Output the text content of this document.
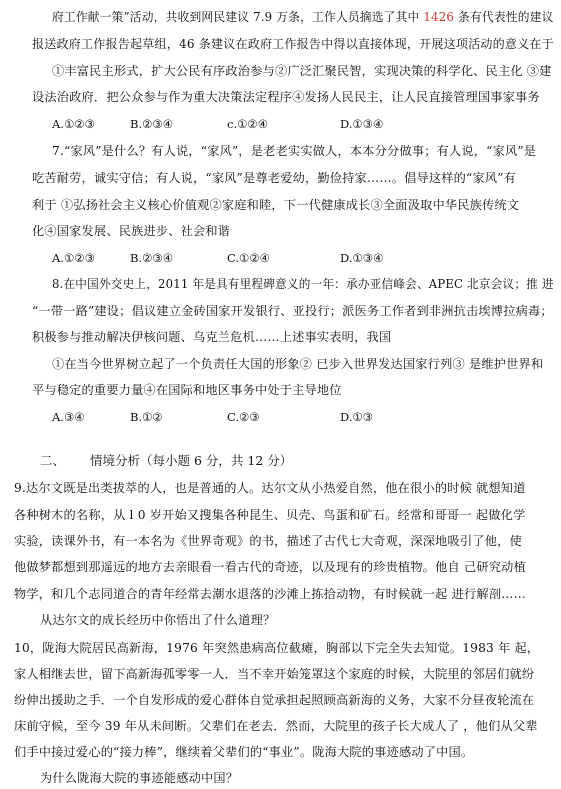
府工作献一策”活动，共收到网民建议 7.9 万条，工作人员摘选了其中 1426 条有代表性的建议
报送政府工作报告起草组，46 条建议在政府工作报告中得以直接体现，开展这项活动的意义在于
①丰富民主形式，扩大公民有序政治参与②广泛汇聚民智，实现决策的科学化、民主化 ③建
设法治政府．把公众参与作为重大决策法定程序④发扬人民民主，让人民直接管理国事家事务
A.①②③	B.②③④	c.①②④	D.①③④
7.“家风”是什么？有人说，“家风”，是老老实实做人，本本分分做事；有人说，“家风”是
吃苦耐劳，诚实守信；有人说，“家风”是尊老爱幼，勤俭持家……。倡导这样的“家风”有
利于 ①弘扬社会主义核心价值观②家庭和睦，下一代健康成长③全面汲取中华民族传统文
化④国家发展、民族进步、社会和谐
A.①②③	B.②③④	C.①②④	D.①③④
8.在中国外交史上，2011 年是具有里程碑意义的一年：承办亚信峰会、APEC 北京会议；推 进
“一带一路”建设；倡议建立金砖国家开发银行、亚投行；派医务工作者到非洲抗击埃博拉病毒；
积极参与推动解决伊核问题、乌克兰危机……上述事实表明，我国
①在当今世界树立起了一个负责任大国的形象② 已步入世界发达国家行列③ 是维护世界和
平与稳定的重要力量④在国际和地区事务中处于主导地位
A.③④	B.①②	C.②③	D.①③
二、 情境分析（每小题 6 分，共 12 分）
9.达尔文既是出类拔萃的人，也是普通的人。达尔文从小热爱自然，他在很小的时候 就想知道
各种树木的名称，从 l 0 岁开始又搜集各种昆生、贝壳、鸟蛋和矿石。经常和哥哥一 起做化学
实验，读课外书，有一本名为《世界奇观》的书，描述了古代七大奇观，深深地吸引了他，使
他做梦都想到那遥远的地方去亲眼看一看古代的奇迹，以及现有的珍贵植物。他自 己研究动植
物学，和几个志同道合的青年经常去潮水退落的沙滩上拣拾动物，有时候就一起 进行解剖……
从达尔文的成长经历中你悟出了什么道理？
10，陇海大院居民高新海，1976 年突然患病高位截瘫，胸部以下完全失去知觉。1983 年 起，
家人相继去世，留下高新海孤零零一人．当不幸开始笼罩这个家庭的时候，大院里的邻居们就纷
纷伸出援助之手．一个自发形成的爱心群体自觉承担起照顾高新海的义务，大家不分昼夜轮流在
床前守候，至今 39 年从未间断。父辈们在老去．然而，大院里的孩子长大成人了 ，他们从父辈
们手中接过爱心的“接力棒”，继续着父辈们的“事业”。陇海大院的事迹感动了中国。
为什么陇海大院的事迹能感动中国？
